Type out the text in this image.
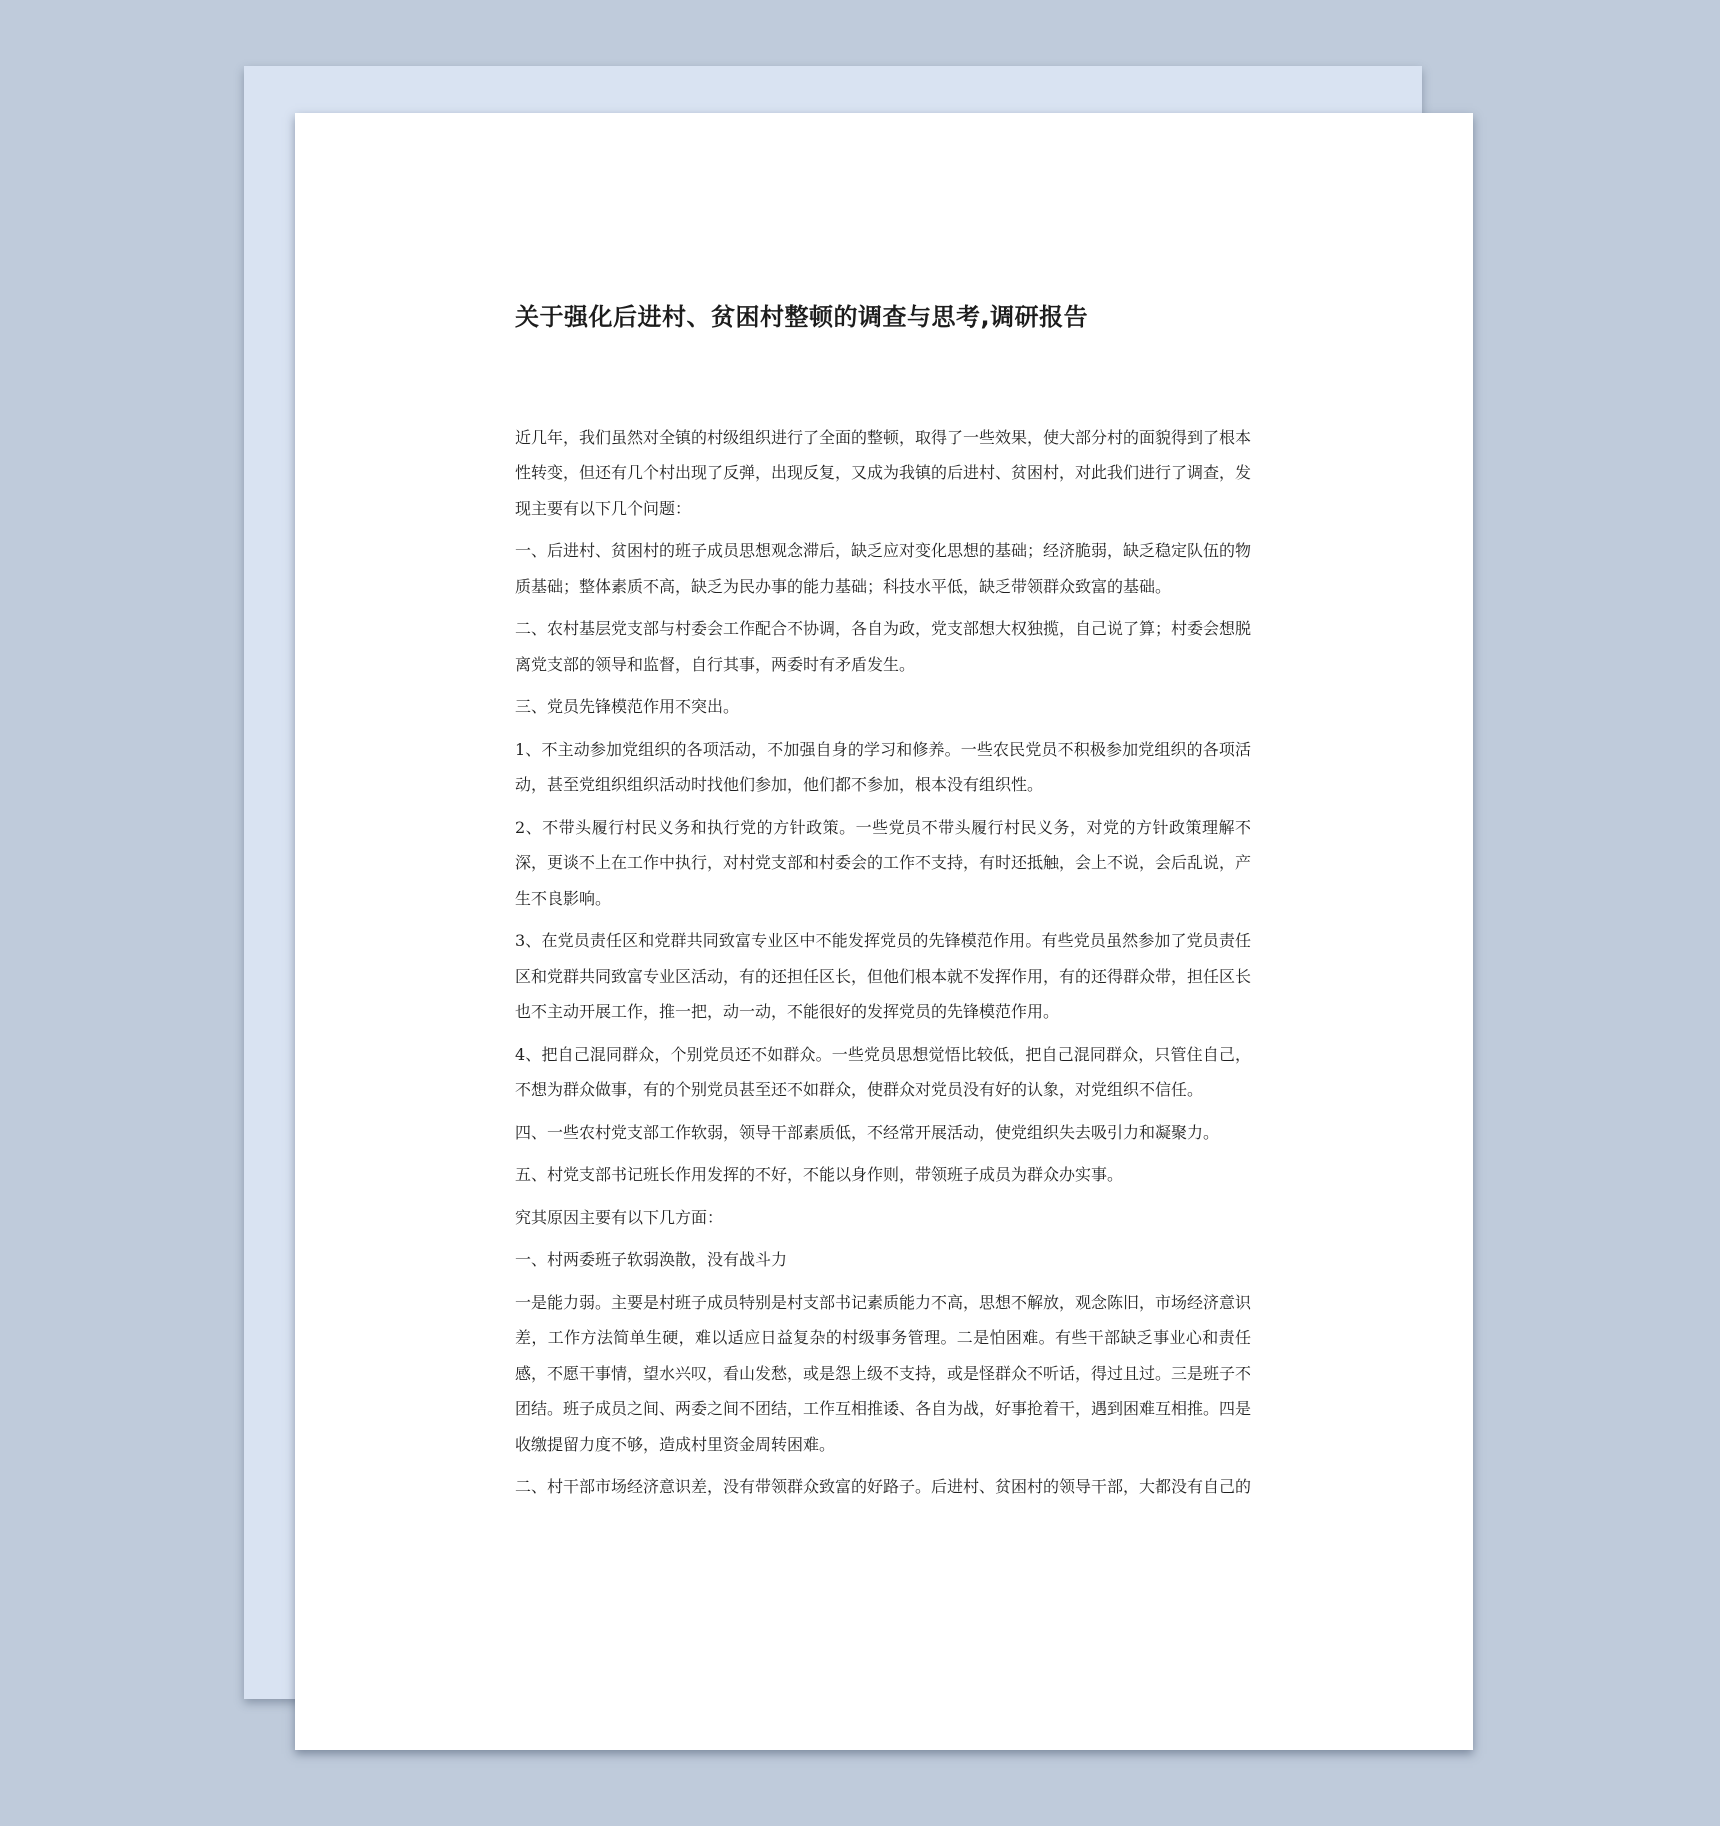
关于强化后进村、贫困村整顿的调查与思考,调研报告

近几年，我们虽然对全镇的村级组织进行了全面的整顿，取得了一些效果，使大部分村的面貌得到了根本性转变，但还有几个村出现了反弹，出现反复，又成为我镇的后进村、贫困村，对此我们进行了调查，发现主要有以下几个问题：

一、后进村、贫困村的班子成员思想观念滞后，缺乏应对变化思想的基础；经济脆弱，缺乏稳定队伍的物质基础；整体素质不高，缺乏为民办事的能力基础；科技水平低，缺乏带领群众致富的基础。

二、农村基层党支部与村委会工作配合不协调，各自为政，党支部想大权独揽，自己说了算；村委会想脱离党支部的领导和监督，自行其事，两委时有矛盾发生。

三、党员先锋模范作用不突出。

1、不主动参加党组织的各项活动，不加强自身的学习和修养。一些农民党员不积极参加党组织的各项活动，甚至党组织组织活动时找他们参加，他们都不参加，根本没有组织性。

2、不带头履行村民义务和执行党的方针政策。一些党员不带头履行村民义务，对党的方针政策理解不深，更谈不上在工作中执行，对村党支部和村委会的工作不支持，有时还抵触，会上不说，会后乱说，产生不良影响。

3、在党员责任区和党群共同致富专业区中不能发挥党员的先锋模范作用。有些党员虽然参加了党员责任区和党群共同致富专业区活动，有的还担任区长，但他们根本就不发挥作用，有的还得群众带，担任区长也不主动开展工作，推一把，动一动，不能很好的发挥党员的先锋模范作用。

4、把自己混同群众，个别党员还不如群众。一些党员思想觉悟比较低，把自己混同群众，只管住自己，不想为群众做事，有的个别党员甚至还不如群众，使群众对党员没有好的认象，对党组织不信任。

四、一些农村党支部工作软弱，领导干部素质低，不经常开展活动，使党组织失去吸引力和凝聚力。

五、村党支部书记班长作用发挥的不好，不能以身作则，带领班子成员为群众办实事。

究其原因主要有以下几方面：

一、村两委班子软弱涣散，没有战斗力

一是能力弱。主要是村班子成员特别是村支部书记素质能力不高，思想不解放，观念陈旧，市场经济意识差，工作方法简单生硬，难以适应日益复杂的村级事务管理。二是怕困难。有些干部缺乏事业心和责任感，不愿干事情，望水兴叹，看山发愁，或是怨上级不支持，或是怪群众不听话，得过且过。三是班子不团结。班子成员之间、两委之间不团结，工作互相推诿、各自为战，好事抢着干，遇到困难互相推。四是收缴提留力度不够，造成村里资金周转困难。

二、村干部市场经济意识差，没有带领群众致富的好路子。后进村、贫困村的领导干部，大都没有自己的
